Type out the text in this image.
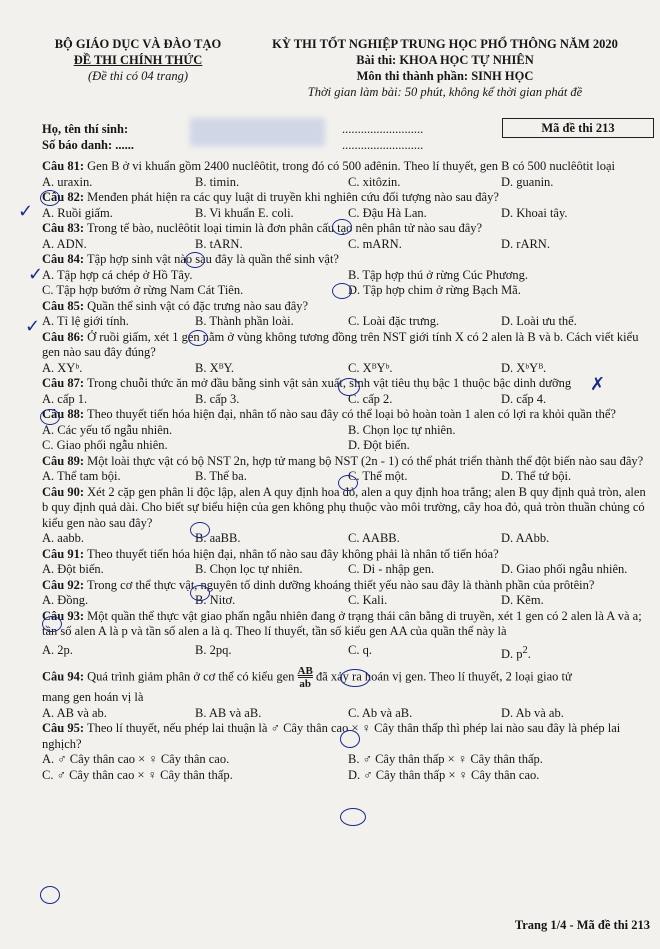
BỘ GIÁO DỤC VÀ ĐÀO TẠO
ĐỀ THI CHÍNH THỨC
(Đề thi có 04 trang)
KỲ THI TỐT NGHIỆP TRUNG HỌC PHỔ THÔNG NĂM 2020
Bài thi: KHOA HỌC TỰ NHIÊN
Môn thi thành phần: SINH HỌC
Thời gian làm bài: 50 phút, không kể thời gian phát đề
Họ, tên thí sinh:
Số báo danh: ......
..........................
..........................
Mã đề thi 213
Câu 81: Gen B ở vi khuẩn gồm 2400 nuclêôtit, trong đó có 500 ađênin. Theo lí thuyết, gen B có 500 nuclêôtit loại
A. uraxin.	B. timin.	C. xitôzin.	D. guanin.
Câu 82: Menđen phát hiện ra các quy luật di truyền khi nghiên cứu đối tượng nào sau đây?
A. Ruồi giấm.	B. Vi khuẩn E. coli.	C. Đậu Hà Lan.	D. Khoai tây.
Câu 83: Trong tế bào, nuclêôtit loại timin là đơn phân cấu tạo nên phân tử nào sau đây?
A. ADN.	B. tARN.	C. mARN.	D. rARN.
Câu 84: Tập hợp sinh vật nào sau đây là quần thể sinh vật?
A. Tập hợp cá chép ở Hồ Tây.	B. Tập hợp thú ở rừng Cúc Phương.
C. Tập hợp bướm ở rừng Nam Cát Tiên.	D. Tập hợp chim ở rừng Bạch Mã.
Câu 85: Quần thể sinh vật có đặc trưng nào sau đây?
A. Tỉ lệ giới tính.	B. Thành phần loài.	C. Loài đặc trưng.	D. Loài ưu thế.
Câu 86: Ở ruồi giấm, xét 1 gen nằm ở vùng không tương đồng trên NST giới tính X có 2 alen là B và b. Cách viết kiểu gen nào sau đây đúng?
A. XYᵇ.	B. XᴮY.	C. XᴮYᵇ.	D. XᵇYᴮ.
Câu 87: Trong chuỗi thức ăn mở đầu bằng sinh vật sản xuất, sinh vật tiêu thụ bậc 1 thuộc bậc dinh dưỡng
A. cấp 1.	B. cấp 3.	C. cấp 2.	D. cấp 4.
Câu 88: Theo thuyết tiến hóa hiện đại, nhân tố nào sau đây có thể loại bỏ hoàn toàn 1 alen có lợi ra khỏi quần thể?
A. Các yếu tố ngẫu nhiên.	B. Chọn lọc tự nhiên.
C. Giao phối ngẫu nhiên.	D. Đột biến.
Câu 89: Một loài thực vật có bộ NST 2n, hợp tử mang bộ NST (2n - 1) có thể phát triển thành thể đột biến nào sau đây?
A. Thể tam bội.	B. Thể ba.	C. Thể một.	D. Thể tứ bội.
Câu 90: Xét 2 cặp gen phân li độc lập, alen A quy định hoa đỏ, alen a quy định hoa trắng; alen B quy định quả tròn, alen b quy định quả dài. Cho biết sự biểu hiện của gen không phụ thuộc vào môi trường, cây hoa đỏ, quả tròn thuần chủng có kiểu gen nào sau đây?
A. aabb.	B. aaBB.	C. AABB.	D. AAbb.
Câu 91: Theo thuyết tiến hóa hiện đại, nhân tố nào sau đây không phải là nhân tố tiến hóa?
A. Đột biến.	B. Chọn lọc tự nhiên.	C. Di - nhập gen.	D. Giao phối ngẫu nhiên.
Câu 92: Trong cơ thể thực vật, nguyên tố dinh dưỡng khoáng thiết yếu nào sau đây là thành phần của prôtêin?
A. Đồng.	B. Nitơ.	C. Kali.	D. Kẽm.
Câu 93: Một quần thể thực vật giao phấn ngẫu nhiên đang ở trạng thái cân bằng di truyền, xét 1 gen có 2 alen là A và a; tần số alen A là p và tần số alen a là q. Theo lí thuyết, tần số kiểu gen AA của quần thể này là
A. 2p.	B. 2pq.	C. q.	D. $p^2$.
Câu 94: Quá trình giảm phân ở cơ thể có kiểu gen $\frac{AB}{ab}$ đã xảy ra hoán vị gen. Theo lí thuyết, 2 loại giao tử
mang gen hoán vị là
A. AB và ab.	B. AB và aB.	C. Ab và aB.	D. Ab và ab.
Câu 95: Theo lí thuyết, nếu phép lai thuận là ♂ Cây thân cao × ♀ Cây thân thấp thì phép lai nào sau đây là phép lai nghịch?
A. ♂ Cây thân cao × ♀ Cây thân cao.	B. ♂ Cây thân thấp × ♀ Cây thân thấp.
C. ♂ Cây thân cao × ♀ Cây thân thấp.	D. ♂ Cây thân thấp × ♀ Cây thân cao.
✓
✓
✓
✗
Trang 1/4 - Mã đề thi 213
